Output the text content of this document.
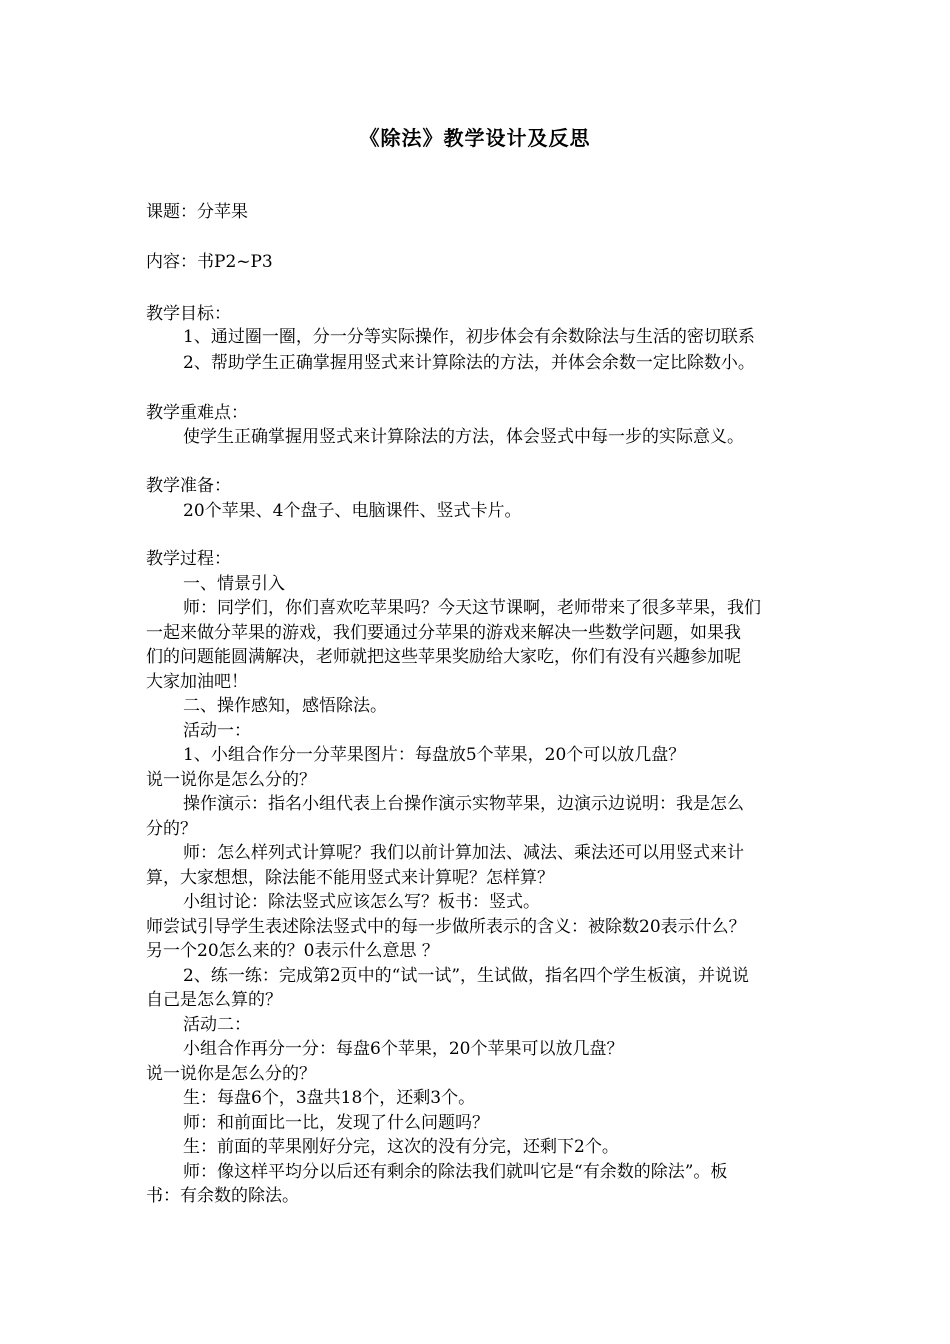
《除法》教学设计及反思
课题：分苹果
内容：书P2~P3
教学目标：
1、通过圈一圈，分一分等实际操作，初步体会有余数除法与生活的密切联系
2、帮助学生正确掌握用竖式来计算除法的方法，并体会余数一定比除数小。
教学重难点：
使学生正确掌握用竖式来计算除法的方法，体会竖式中每一步的实际意义。
教学准备：
20个苹果、4个盘子、电脑课件、竖式卡片。
教学过程：
一、情景引入
师：同学们，你们喜欢吃苹果吗？今天这节课啊，老师带来了很多苹果，我们
一起来做分苹果的游戏，我们要通过分苹果的游戏来解决一些数学问题，如果我
们的问题能圆满解决，老师就把这些苹果奖励给大家吃，你们有没有兴趣参加呢
大家加油吧！
二、操作感知，感悟除法。
活动一：
1、小组合作分一分苹果图片：每盘放5个苹果，20个可以放几盘？
说一说你是怎么分的？
操作演示：指名小组代表上台操作演示实物苹果，边演示边说明：我是怎么
分的？
师：怎么样列式计算呢？我们以前计算加法、减法、乘法还可以用竖式来计
算，大家想想，除法能不能用竖式来计算呢？怎样算？
小组讨论：除法竖式应该怎么写？板书：竖式。
师尝试引导学生表述除法竖式中的每一步做所表示的含义：被除数20表示什么？
另一个20怎么来的？0表示什么意思 ？
2、练一练：完成第2页中的“试一试”，生试做，指名四个学生板演，并说说
自己是怎么算的？
活动二：
小组合作再分一分：每盘6个苹果，20个苹果可以放几盘？
说一说你是怎么分的？
生：每盘6个，3盘共18个，还剩3个。
师：和前面比一比，发现了什么问题吗？
生：前面的苹果刚好分完，这次的没有分完，还剩下2个。
师：像这样平均分以后还有剩余的除法我们就叫它是“有余数的除法”。板
书：有余数的除法。
